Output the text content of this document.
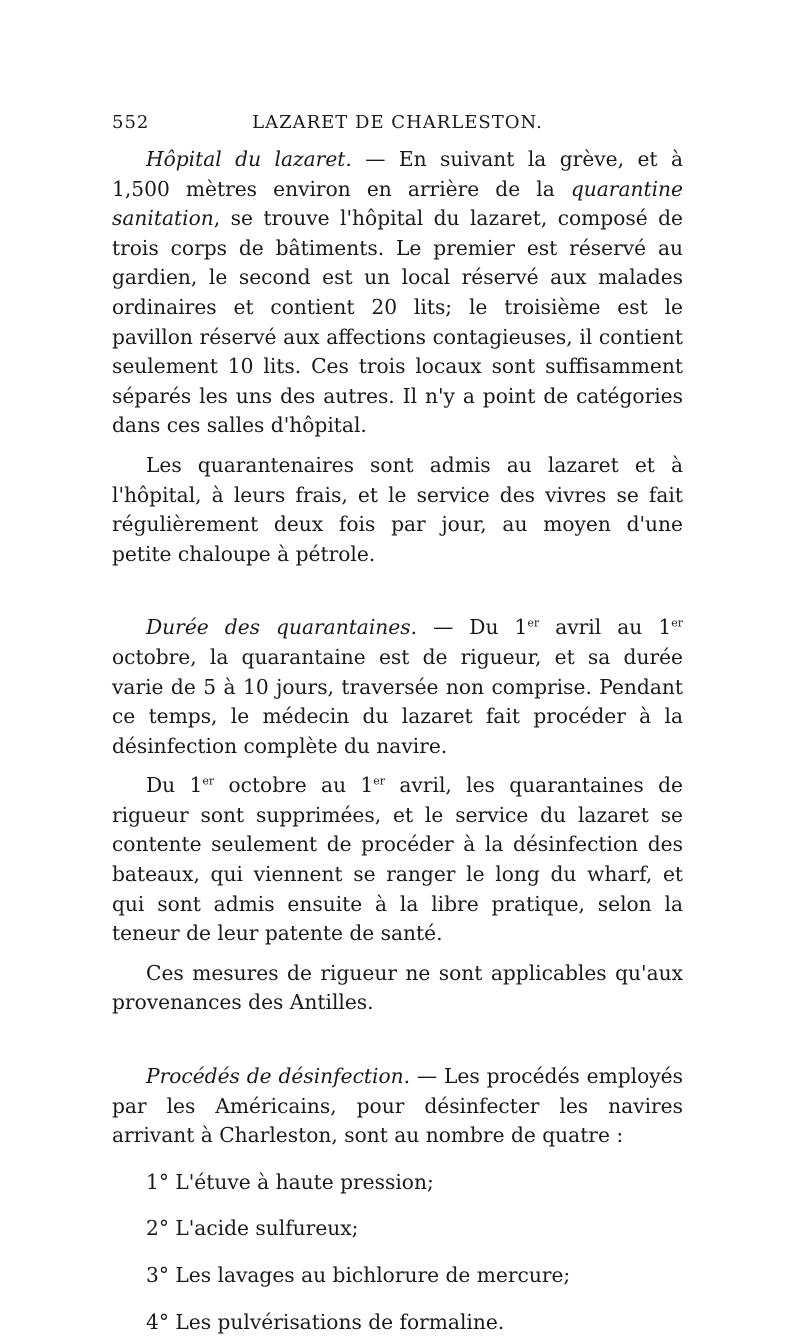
552	LAZARET DE CHARLESTON.

Hôpital du lazaret. — En suivant la grève, et à 1,500 mètres environ en arrière de la quarantine sanitation, se trouve l'hôpital du lazaret, composé de trois corps de bâtiments. Le premier est réservé au gardien, le second est un local réservé aux malades ordinaires et contient 20 lits; le troisième est le pavillon réservé aux affections contagieuses, il contient seulement 10 lits. Ces trois locaux sont suffisamment séparés les uns des autres. Il n'y a point de catégories dans ces salles d'hôpital.

Les quarantenaires sont admis au lazaret et à l'hôpital, à leurs frais, et le service des vivres se fait régulièrement deux fois par jour, au moyen d'une petite chaloupe à pétrole.

Durée des quarantaines. — Du 1er avril au 1er octobre, la quarantaine est de rigueur, et sa durée varie de 5 à 10 jours, traversée non comprise. Pendant ce temps, le médecin du lazaret fait procéder à la désinfection complète du navire.

Du 1er octobre au 1er avril, les quarantaines de rigueur sont supprimées, et le service du lazaret se contente seulement de procéder à la désinfection des bateaux, qui viennent se ranger le long du wharf, et qui sont admis ensuite à la libre pratique, selon la teneur de leur patente de santé.

Ces mesures de rigueur ne sont applicables qu'aux provenances des Antilles.

Procédés de désinfection. — Les procédés employés par les Américains, pour désinfecter les navires arrivant à Charleston, sont au nombre de quatre :

1° L'étuve à haute pression;

2° L'acide sulfureux;

3° Les lavages au bichlorure de mercure;

4° Les pulvérisations de formaline.
